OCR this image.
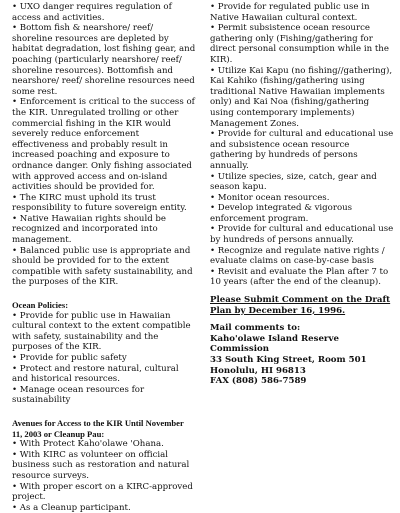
• UXO danger requires regulation of access and activities.

• Bottom fish & nearshore/ reef/ shoreline resources are depleted by habitat degradation, lost fishing gear, and poaching (particularly nearshore/ reef/ shoreline resources). Bottomfish and nearshore/ reef/ shoreline resources need some rest.

• Enforcement is critical to the success of the KIR. Unregulated trolling or other commercial fishing in the KIR would severely reduce enforcement effectiveness and probably result in increased poaching and exposure to ordnance danger. Only fishing associated with approved access and on-island activities should be provided for.

• The KIRC must uphold its trust responsibility to future sovereign entity.

• Native Hawaiian rights should be recognized and incorporated into management.

• Balanced public use is appropriate and should be provided for to the extent compatible with safety sustainability, and the purposes of the KIR.

Ocean Policies:

• Provide for public use in Hawaiian cultural context to the extent compatible with safety, sustainability and the purposes of the KIR.

• Provide for public safety

• Protect and restore natural, cultural and historical resources.

• Manage ocean resources for sustainability

Avenues for Access to the KIR Until November 11, 2003 or Cleanup Pau:

• With Protect Kaho'olawe 'Ohana.

• With KIRC as volunteer on official business such as restoration and natural resource surveys.

• With proper escort on a KIRC-approved project.

• As a Cleanup participant.

• Provide for regulated public use in Native Hawaiian cultural context.

• Permit subsistence ocean resource gathering only (Fishing/gathering for direct personal consumption while in the KIR).

• Utilize Kai Kapu (no fishing//gathering), Kai Kahiko (fishing/gathering using traditional Native Hawaiian implements only) and Kai Noa (fishing/gathering using contemporary implements) Management Zones.

• Provide for cultural and educational use and subsistence ocean resource gathering by hundreds of persons annually.

• Utilize species, size, catch, gear and season kapu.

• Monitor ocean resources.

• Develop integrated & vigorous enforcement program.

• Provide for cultural and educational use by hundreds of persons annually.

• Recognize and regulate native rights / evaluate claims on case-by-case basis

• Revisit and evaluate the Plan after 7 to 10 years (after the end of the cleanup).

Please Submit Comment on the Draft Plan by December 16, 1996.

Mail comments to:

Kaho'olawe Island Reserve

Commission

33 South King Street, Room 501

Honolulu, HI 96813

FAX (808) 586-7589
